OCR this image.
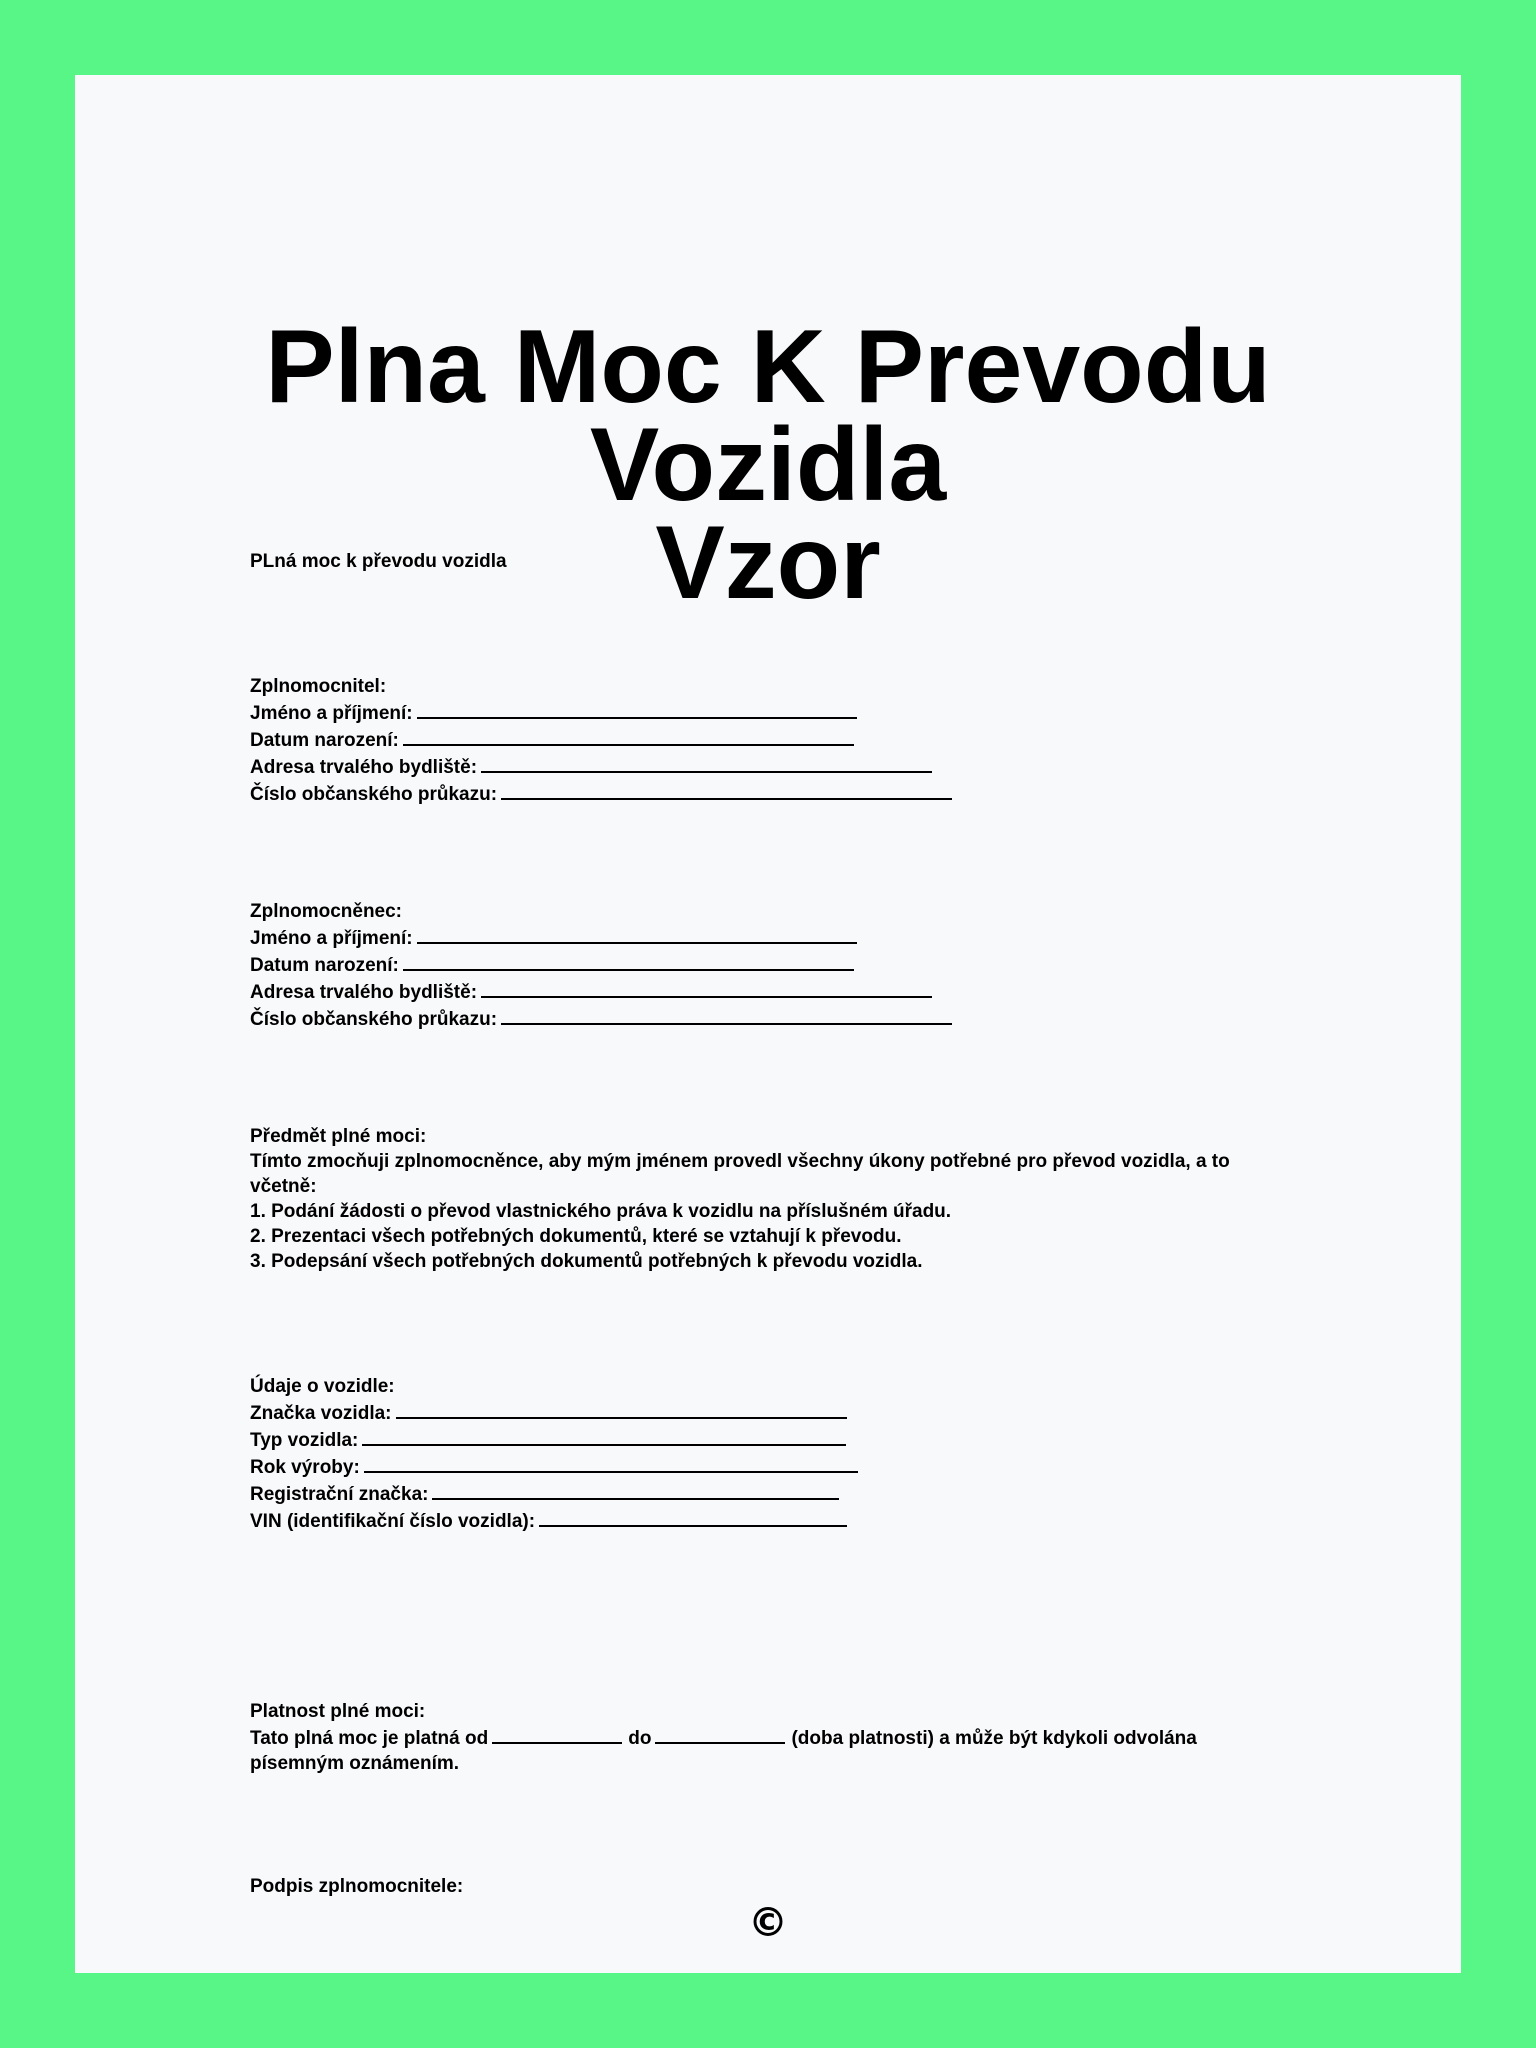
Plna Moc K Prevodu Vozidla
Vzor
PLná moc k převodu vozidla
Zplnomocnitel:
Jméno a příjmení:
Datum narození:
Adresa trvalého bydliště:
Číslo občanského průkazu:
Zplnomocněnec:
Jméno a příjmení:
Datum narození:
Adresa trvalého bydliště:
Číslo občanského průkazu:
Předmět plné moci:
Tímto zmocňuji zplnomocněnce, aby mým jménem provedl všechny úkony potřebné pro převod vozidla, a to včetně:
1. Podání žádosti o převod vlastnického práva k vozidlu na příslušném úřadu.
2. Prezentaci všech potřebných dokumentů, které se vztahují k převodu.
3. Podepsání všech potřebných dokumentů potřebných k převodu vozidla.
Údaje o vozidle:
Značka vozidla:
Typ vozidla:
Rok výroby:
Registrační značka:
VIN (identifikační číslo vozidla):
Platnost plné moci:
Tato plná moc je platná od	do	(doba platnosti) a může být kdykoli odvolána písemným oznámením.
Podpis zplnomocnitele:
©
